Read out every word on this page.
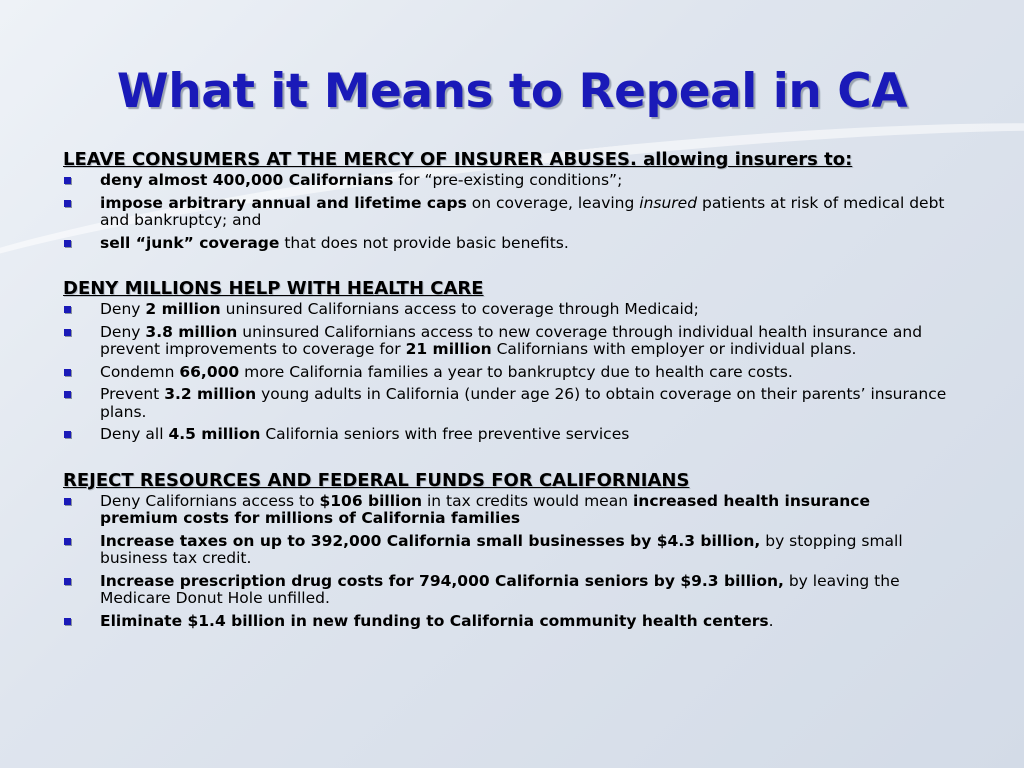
What it Means to Repeal in CA
LEAVE CONSUMERS AT THE MERCY OF INSURER ABUSES. allowing insurers to:
deny almost 400,000 Californians for “pre-existing conditions”;
impose arbitrary annual and lifetime caps on coverage, leaving insured patients at risk of medical debt and bankruptcy; and
sell “junk” coverage that does not provide basic benefits.
DENY MILLIONS HELP WITH HEALTH CARE
Deny 2 million uninsured Californians access to coverage through Medicaid;
Deny 3.8 million uninsured Californians access to new coverage through individual health insurance and prevent improvements to coverage for 21 million Californians with employer or individual plans.
Condemn 66,000 more California families a year to bankruptcy due to health care costs.
Prevent 3.2 million young adults in California (under age 26) to obtain coverage on their parents’ insurance plans.
Deny all 4.5 million California seniors with free preventive services
REJECT RESOURCES AND FEDERAL FUNDS FOR CALIFORNIANS
Deny Californians access to $106 billion in tax credits would mean increased health insurance premium costs for millions of California families
Increase taxes on up to 392,000 California small businesses by $4.3 billion, by stopping small business tax credit.
Increase prescription drug costs for 794,000 California seniors by $9.3 billion, by leaving the Medicare Donut Hole unfilled.
Eliminate $1.4 billion in new funding to California community health centers.
